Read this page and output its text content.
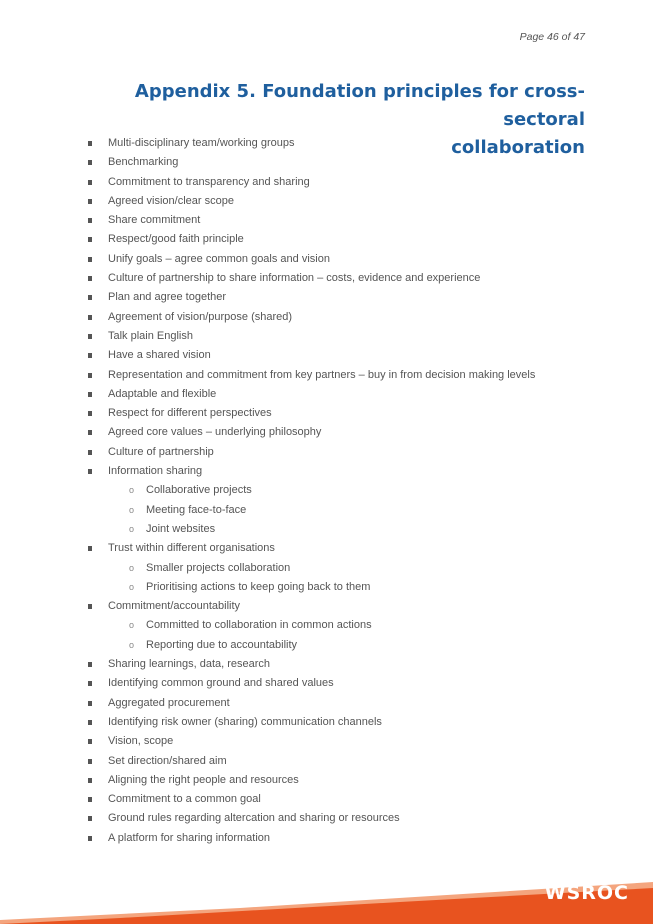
Page 46 of 47
Appendix 5. Foundation principles for cross-sectoral
collaboration
Multi-disciplinary team/working groups
Benchmarking
Commitment to transparency and sharing
Agreed vision/clear scope
Share commitment
Respect/good faith principle
Unify goals – agree common goals and vision
Culture of partnership to share information – costs, evidence and experience
Plan and agree together
Agreement of vision/purpose (shared)
Talk plain English
Have a shared vision
Representation and commitment from key partners – buy in from decision making levels
Adaptable and flexible
Respect for different perspectives
Agreed core values – underlying philosophy
Culture of partnership
Information sharing
o Collaborative projects
o Meeting face-to-face
o Joint websites
Trust within different organisations
o Smaller projects collaboration
o Prioritising actions to keep going back to them
Commitment/accountability
o Committed to collaboration in common actions
o Reporting due to accountability
Sharing learnings, data, research
Identifying common ground and shared values
Aggregated procurement
Identifying risk owner (sharing) communication channels
Vision, scope
Set direction/shared aim
Aligning the right people and resources
Commitment to a common goal
Ground rules regarding altercation and sharing or resources
A platform for sharing information
WSROC
